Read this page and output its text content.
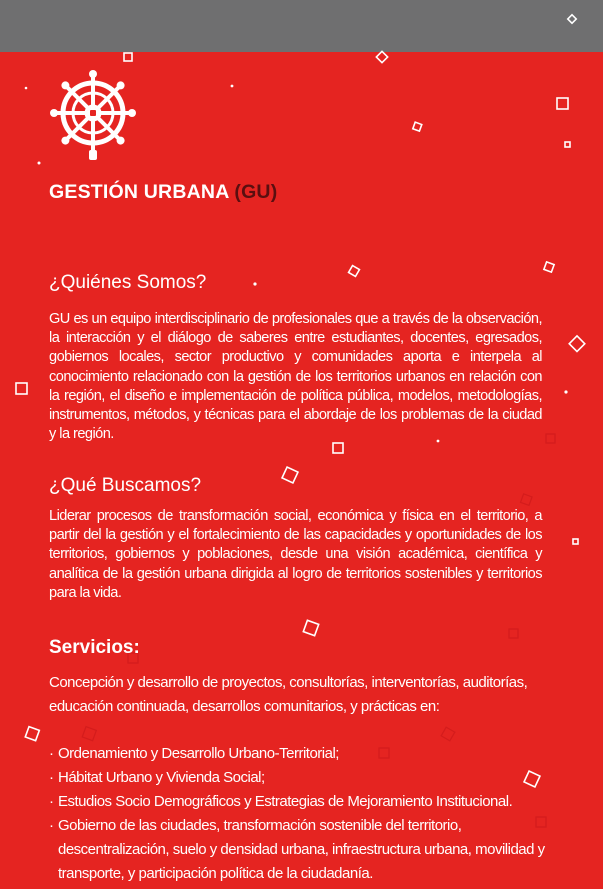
GESTIÓN URBANA (GU)
¿Quiénes Somos?

GU es un equipo interdisciplinario de profesionales que a través de la observación, la interacción y el diálogo de saberes entre estudiantes, docentes, egresados, gobiernos locales, sector productivo y comunidades aporta e interpela al conocimiento relacionado con la gestión de los territorios urbanos en relación con la región, el diseño e implementación de política pública, modelos, metodologías, instrumentos, métodos, y técnicas para el abordaje de los problemas de la ciudad y la región.

¿Qué Buscamos?

Liderar procesos de transformación social, económica y física en el territorio, a partir del la gestión y el fortalecimiento de las capacidades y oportunidades de los territorios, gobiernos y poblaciones, desde una visión académica, científica y analítica de la gestión urbana dirigida al logro de territorios sostenibles y territorios para la vida.

Servicios:

Concepción y desarrollo de proyectos, consultorías, interventorías, auditorías, educación continuada, desarrollos comunitarios, y prácticas en:

· Ordenamiento y Desarrollo Urbano-Territorial;
· Hábitat Urbano y Vivienda Social;
· Estudios Socio Demográficos y Estrategias de Mejoramiento Institucional.
· Gobierno de las ciudades, transformación sostenible del territorio, descentralización, suelo y densidad urbana, infraestructura urbana, movilidad y transporte, y participación política de la ciudadanía.
